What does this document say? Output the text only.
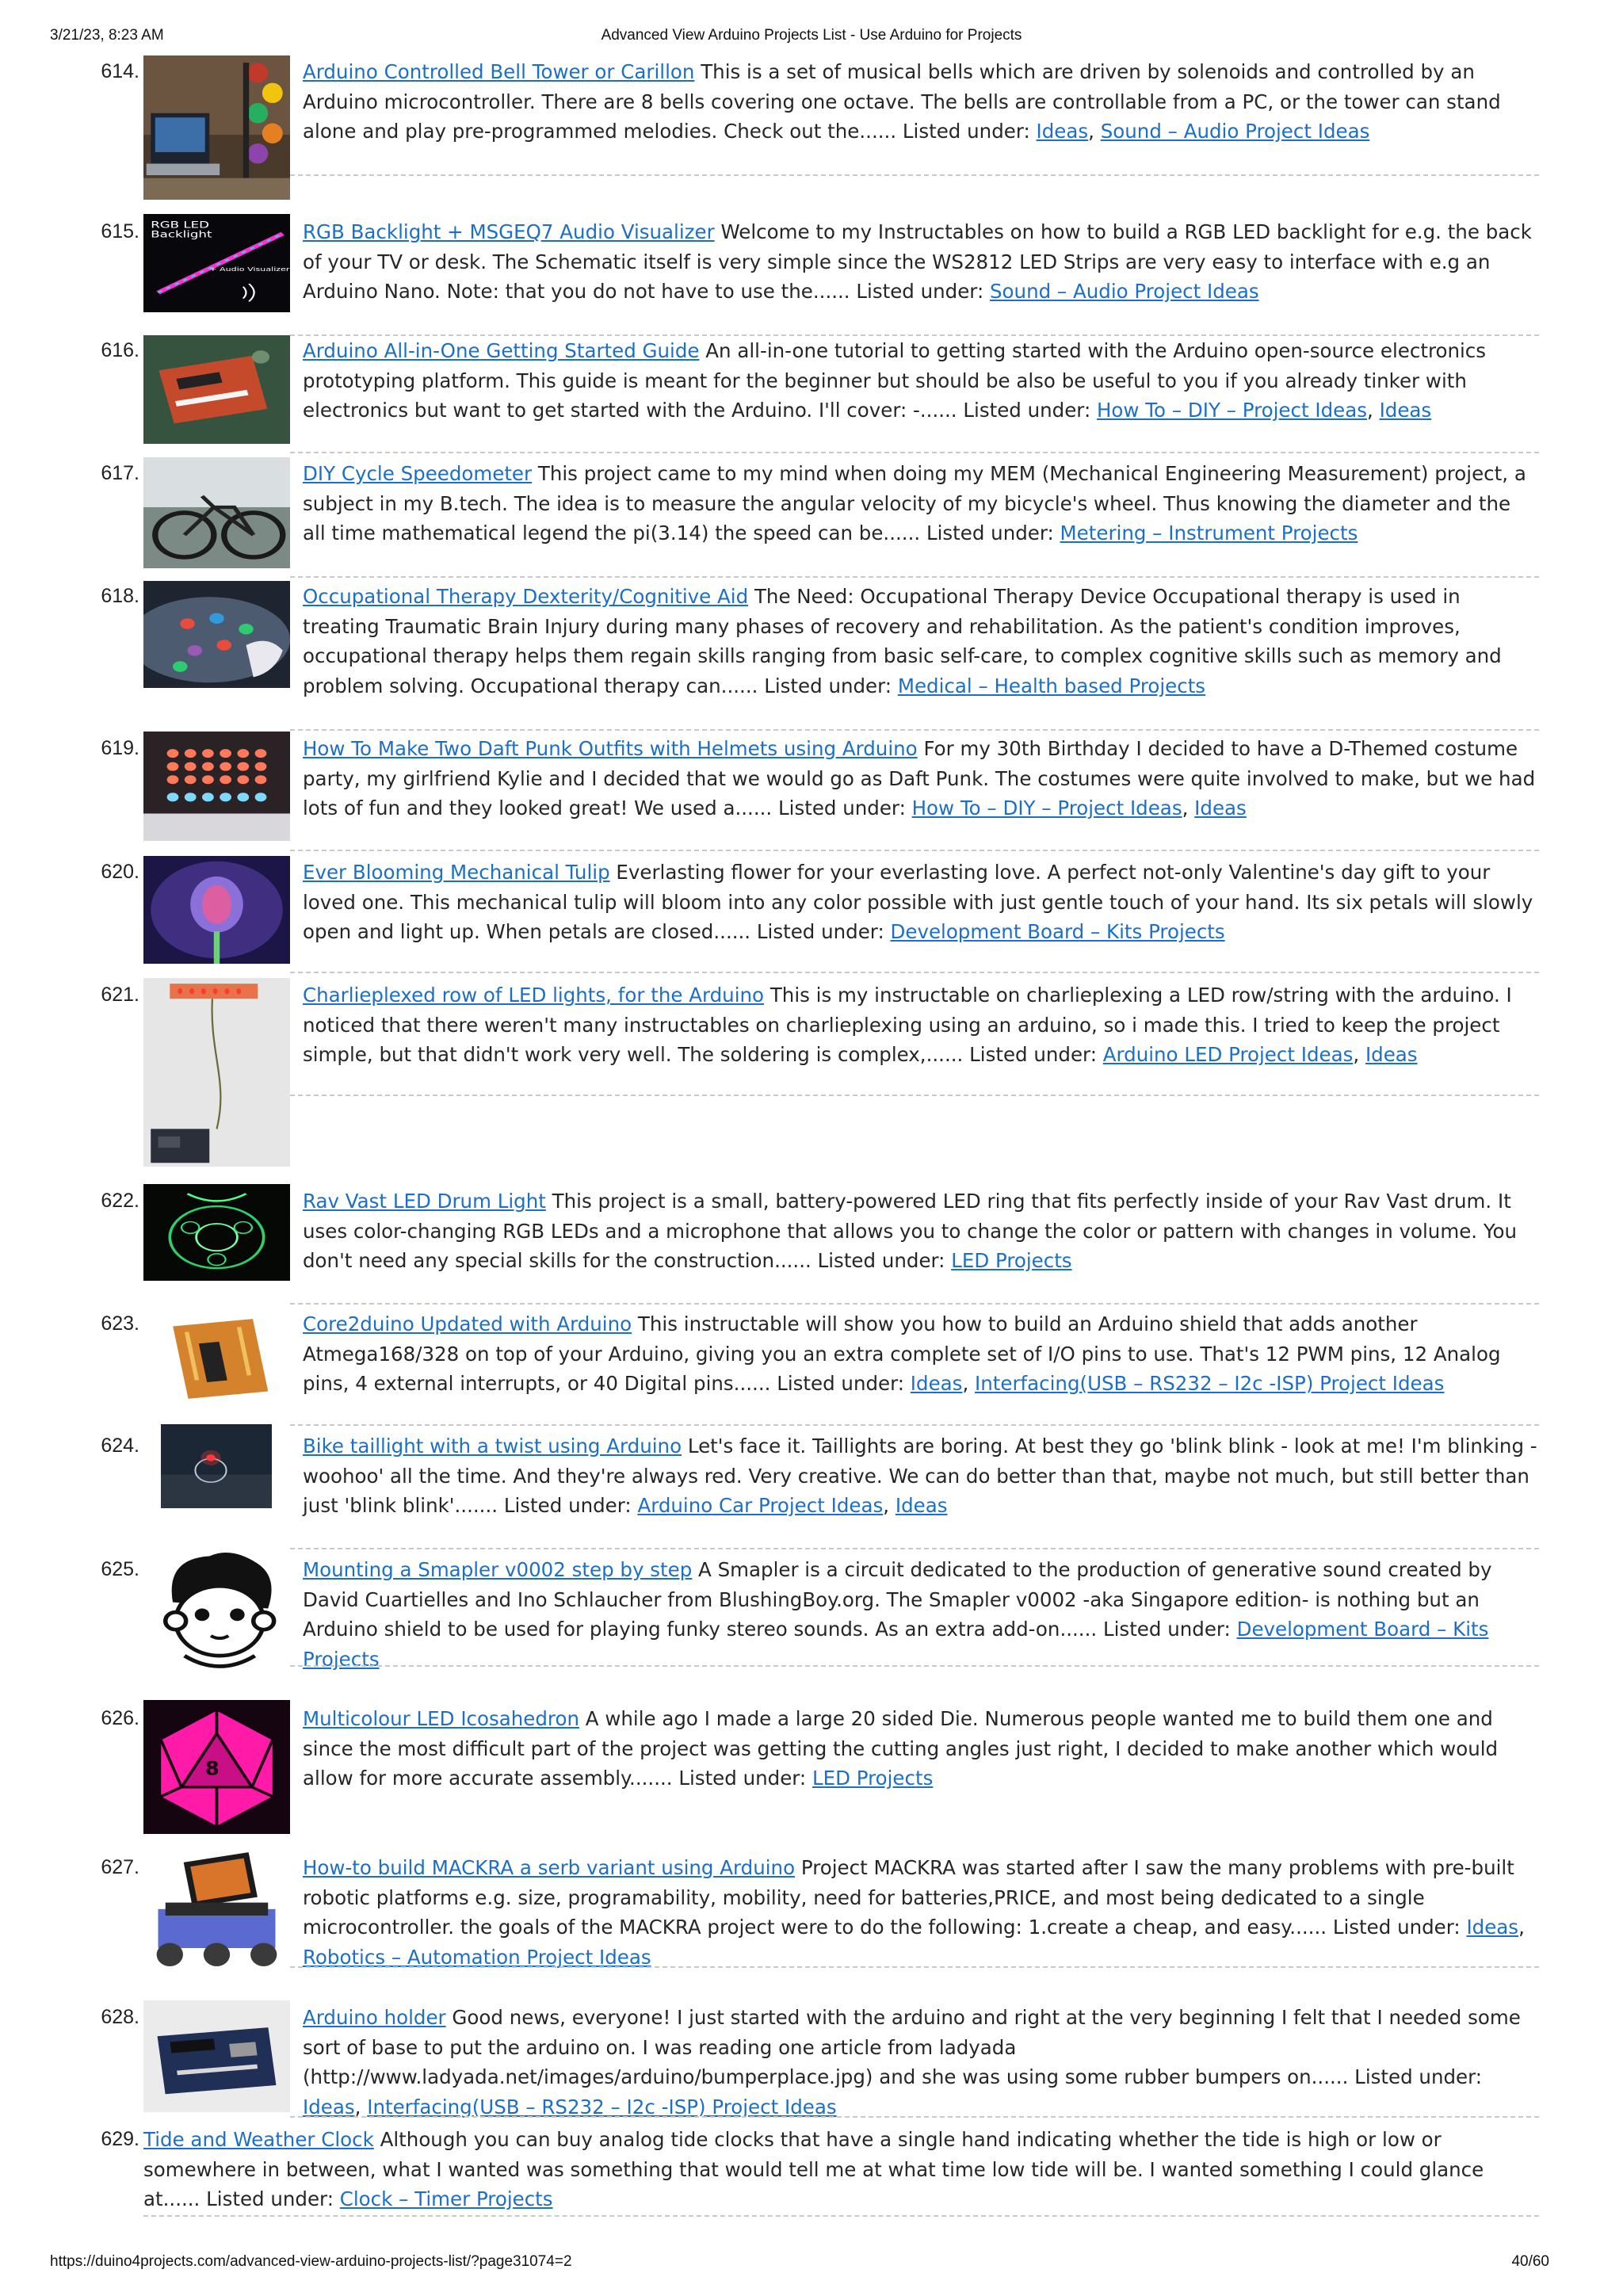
3/21/23, 8:23 AM	Advanced View Arduino Projects List - Use Arduino for Projects
614.	Arduino Controlled Bell Tower or Carillon This is a set of musical bells which are driven by solenoids and controlled by an Arduino microcontroller. There are 8 bells covering one octave. The bells are controllable from a PC, or the tower can stand alone and play pre-programmed melodies. Check out the...... Listed under: Ideas, Sound – Audio Project Ideas
615. RGB LED
Backlight
+ Audio Visualizer
RGB Backlight + MSGEQ7 Audio Visualizer Welcome to my Instructables on how to build a RGB LED backlight for e.g. the back of your TV or desk. The Schematic itself is very simple since the WS2812 LED Strips are very easy to interface with e.g an Arduino Nano. Note: that you do not have to use the...... Listed under: Sound – Audio Project Ideas
616.	Arduino All-in-One Getting Started Guide An all-in-one tutorial to getting started with the Arduino open-source electronics prototyping platform. This guide is meant for the beginner but should be also be useful to you if you already tinker with electronics but want to get started with the Arduino. I'll cover: -...... Listed under: How To – DIY – Project Ideas, Ideas
617.	DIY Cycle Speedometer This project came to my mind when doing my MEM (Mechanical Engineering Measurement) project, a subject in my B.tech. The idea is to measure the angular velocity of my bicycle's wheel. Thus knowing the diameter and the all time mathematical legend the pi(3.14) the speed can be...... Listed under: Metering – Instrument Projects
618.	Occupational Therapy Dexterity/Cognitive Aid The Need: Occupational Therapy Device Occupational therapy is used in treating Traumatic Brain Injury during many phases of recovery and rehabilitation. As the patient's condition improves, occupational therapy helps them regain skills ranging from basic self-care, to complex cognitive skills such as memory and problem solving. Occupational therapy can...... Listed under: Medical – Health based Projects
619.	How To Make Two Daft Punk Outfits with Helmets using Arduino For my 30th Birthday I decided to have a D-Themed costume party, my girlfriend Kylie and I decided that we would go as Daft Punk. The costumes were quite involved to make, but we had lots of fun and they looked great! We used a...... Listed under: How To – DIY – Project Ideas, Ideas
620.	Ever Blooming Mechanical Tulip Everlasting flower for your everlasting love. A perfect not-only Valentine's day gift to your loved one. This mechanical tulip will bloom into any color possible with just gentle touch of your hand. Its six petals will slowly open and light up. When petals are closed...... Listed under: Development Board – Kits Projects
621.	Charlieplexed row of LED lights, for the Arduino This is my instructable on charlieplexing a LED row/string with the arduino. I noticed that there weren't many instructables on charlieplexing using an arduino, so i made this. I tried to keep the project simple, but that didn't work very well. The soldering is complex,...... Listed under: Arduino LED Project Ideas, Ideas
622.	Rav Vast LED Drum Light This project is a small, battery-powered LED ring that fits perfectly inside of your Rav Vast drum. It uses color-changing RGB LEDs and a microphone that allows you to change the color or pattern with changes in volume. You don't need any special skills for the construction...... Listed under: LED Projects
623.	Core2duino Updated with Arduino This instructable will show you how to build an Arduino shield that adds another Atmega168/328 on top of your Arduino, giving you an extra complete set of I/O pins to use. That's 12 PWM pins, 12 Analog pins, 4 external interrupts, or 40 Digital pins...... Listed under: Ideas, Interfacing(USB – RS232 – I2c -ISP) Project Ideas
624.	Bike taillight with a twist using Arduino Let's face it. Taillights are boring. At best they go 'blink blink - look at me! I'm blinking - woohoo' all the time. And they're always red. Very creative. We can do better than that, maybe not much, but still better than just 'blink blink'....... Listed under: Arduino Car Project Ideas, Ideas
625.	Mounting a Smapler v0002 step by step A Smapler is a circuit dedicated to the production of generative sound created by David Cuartielles and Ino Schlaucher from BlushingBoy.org. The Smapler v0002 -aka Singapore edition- is nothing but an Arduino shield to be used for playing funky stereo sounds. As an extra add-on...... Listed under: Development Board – Kits Projects
626.
8
Multicolour LED Icosahedron A while ago I made a large 20 sided Die. Numerous people wanted me to build them one and since the most difficult part of the project was getting the cutting angles just right, I decided to make another which would allow for more accurate assembly....... Listed under: LED Projects
627.	How-to build MACKRA a serb variant using Arduino Project MACKRA was started after I saw the many problems with pre-built robotic platforms e.g. size, programability, mobility, need for batteries,PRICE, and most being dedicated to a single microcontroller. the goals of the MACKRA project were to do the following: 1.create a cheap, and easy...... Listed under: Ideas, Robotics – Automation Project Ideas
628.	Arduino holder Good news, everyone! I just started with the arduino and right at the very beginning I felt that I needed some sort of base to put the arduino on. I was reading one article from ladyada (http://www.ladyada.net/images/arduino/bumperplace.jpg) and she was using some rubber bumpers on...... Listed under: Ideas, Interfacing(USB – RS232 – I2c -ISP) Project Ideas
629. Tide and Weather Clock Although you can buy analog tide clocks that have a single hand indicating whether the tide is high or low or somewhere in between, what I wanted was something that would tell me at what time low tide will be. I wanted something I could glance at...... Listed under: Clock – Timer Projects
https://duino4projects.com/advanced-view-arduino-projects-list/?page31074=2	40/60
